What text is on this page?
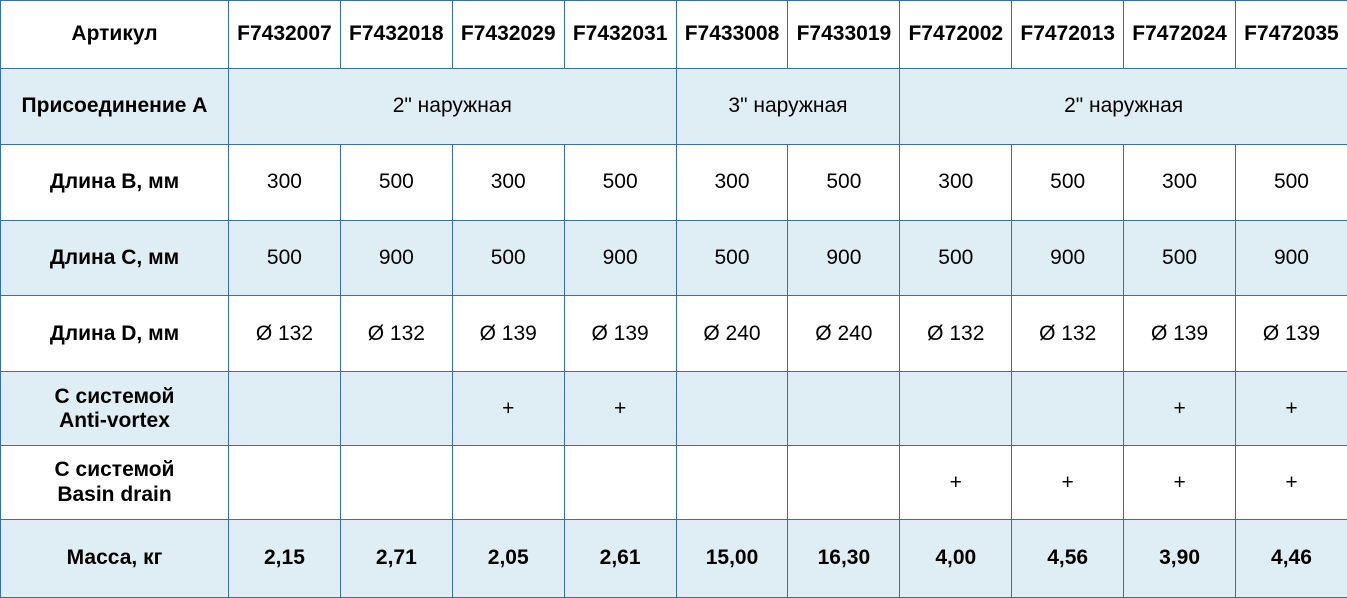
Артикул	F7432007	F7432018	F7432029	F7432031	F7433008	F7433019	F7472002	F7472013	F7472024	F7472035
Присоединение A	2" наружная				3" наружная		2" наружная			
Длина B, мм	300	500	300	500	300	500	300	500	300	500
Длина C, мм	500	900	500	900	500	900	500	900	500	900
Длина D, мм	Ø 132	Ø 132	Ø 139	Ø 139	Ø 240	Ø 240	Ø 132	Ø 132	Ø 139	Ø 139

С системой
Anti-vortex			+	+					+	+

С системой
Basin drain							+	+	+	+
Масса, кг	2,15	2,71	2,05	2,61	15,00	16,30	4,00	4,56	3,90	4,46
